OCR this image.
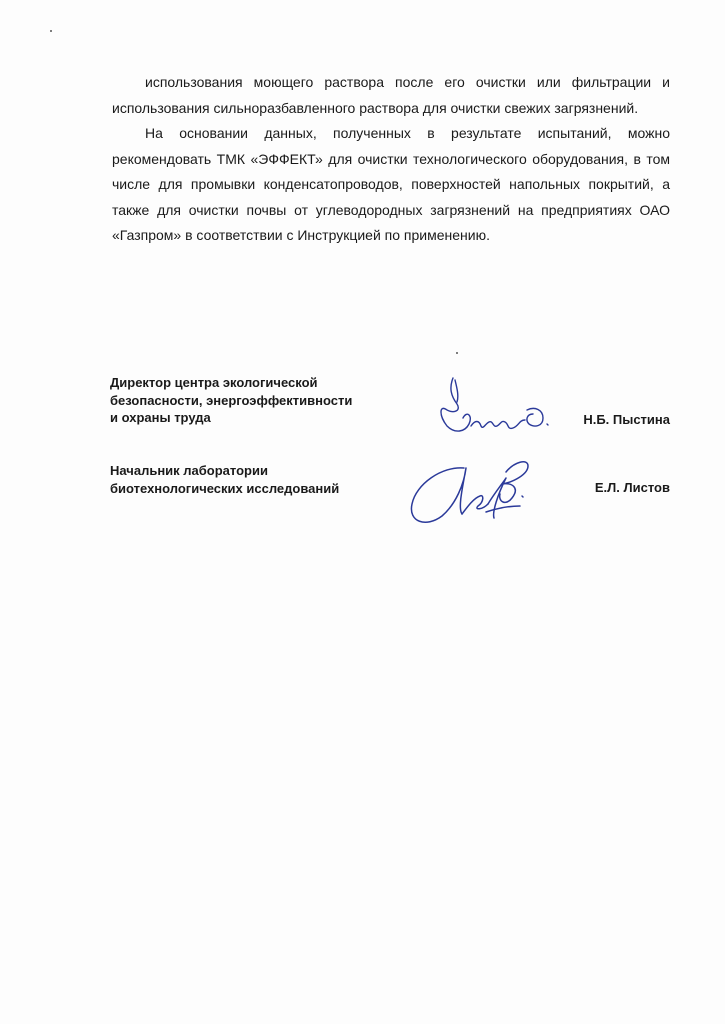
использования моющего раствора после его очистки или фильтрации и использования сильноразбавленного раствора для очистки свежих загрязнений.

На основании данных, полученных в результате испытаний, можно рекомендовать ТМК «ЭФФЕКТ» для очистки технологического оборудования, в том числе для промывки конденсатопроводов, поверхностей напольных покрытий, а также для очистки почвы от углеводородных загрязнений на предприятиях ОАО «Газпром» в соответствии с Инструкцией по применению.

Директор центра экологической
безопасности, энергоэффективности
и охраны труда	Н.Б. Пыстина
Начальник лаборатории
биотехнологических исследований	Е.Л. Листов
